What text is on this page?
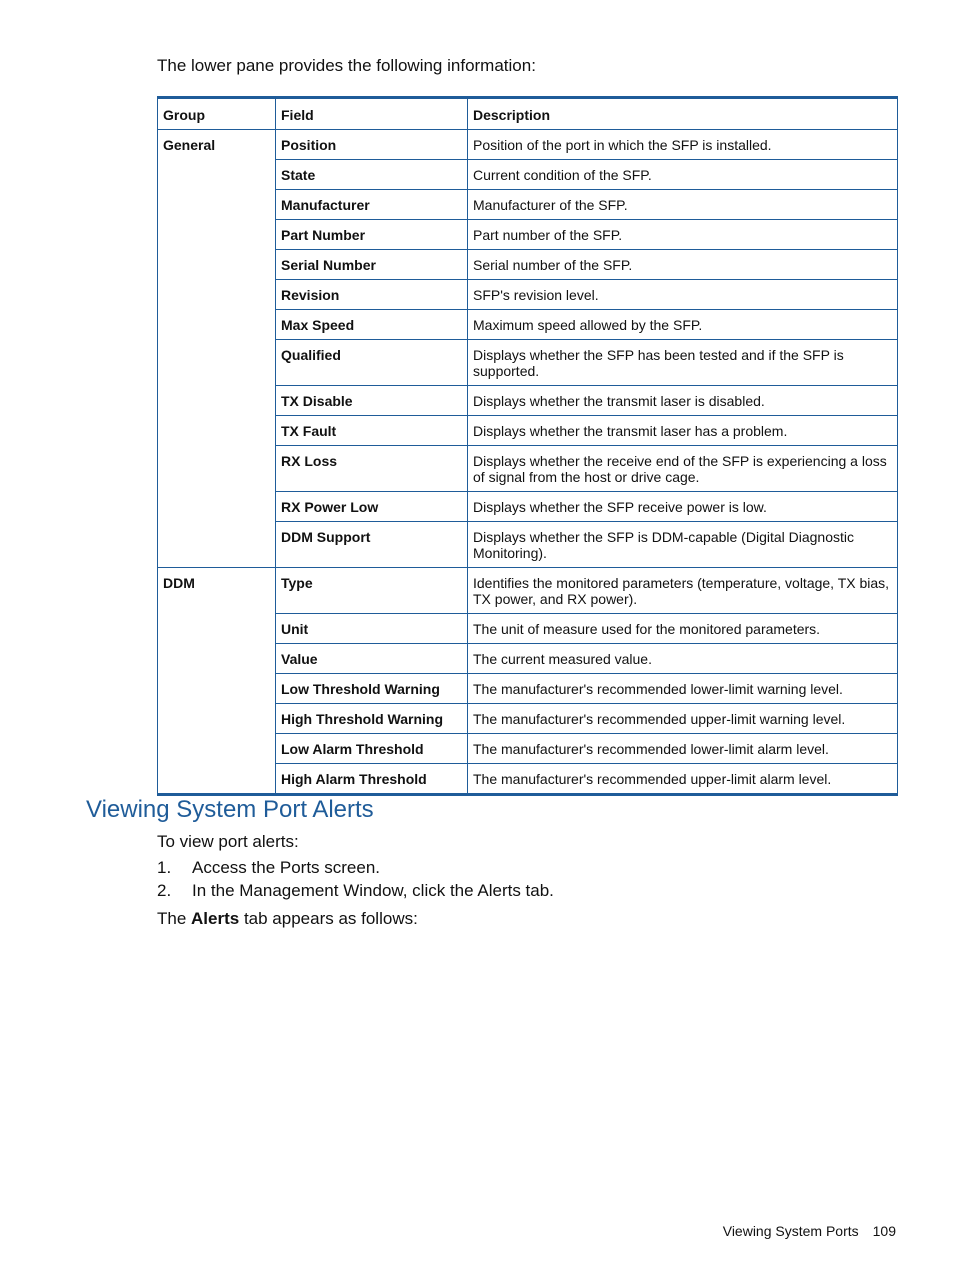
The lower pane provides the following information:

Group	Field	Description
General	Position	Position of the port in which the SFP is installed.
	State	Current condition of the SFP.
	Manufacturer	Manufacturer of the SFP.
	Part Number	Part number of the SFP.
	Serial Number	Serial number of the SFP.
	Revision	SFP's revision level.
	Max Speed	Maximum speed allowed by the SFP.
	Qualified	Displays whether the SFP has been tested and if the SFP is supported.
	TX Disable	Displays whether the transmit laser is disabled.
	TX Fault	Displays whether the transmit laser has a problem.
	RX Loss	Displays whether the receive end of the SFP is experiencing a loss of signal from the host or drive cage.
	RX Power Low	Displays whether the SFP receive power is low.
	DDM Support	Displays whether the SFP is DDM-capable (Digital Diagnostic Monitoring).
DDM	Type	Identifies the monitored parameters (temperature, voltage, TX bias, TX power, and RX power).
	Unit	The unit of measure used for the monitored parameters.
	Value	The current measured value.
	Low Threshold Warning	The manufacturer's recommended lower-limit warning level.
	High Threshold Warning	The manufacturer's recommended upper-limit warning level.
	Low Alarm Threshold	The manufacturer's recommended lower-limit alarm level.
	High Alarm Threshold	The manufacturer's recommended upper-limit alarm level.
Viewing System Port Alerts

To view port alerts:

1. Access the Ports screen.
2. In the Management Window, click the Alerts tab.

The Alerts tab appears as follows:

Viewing System Ports 109
